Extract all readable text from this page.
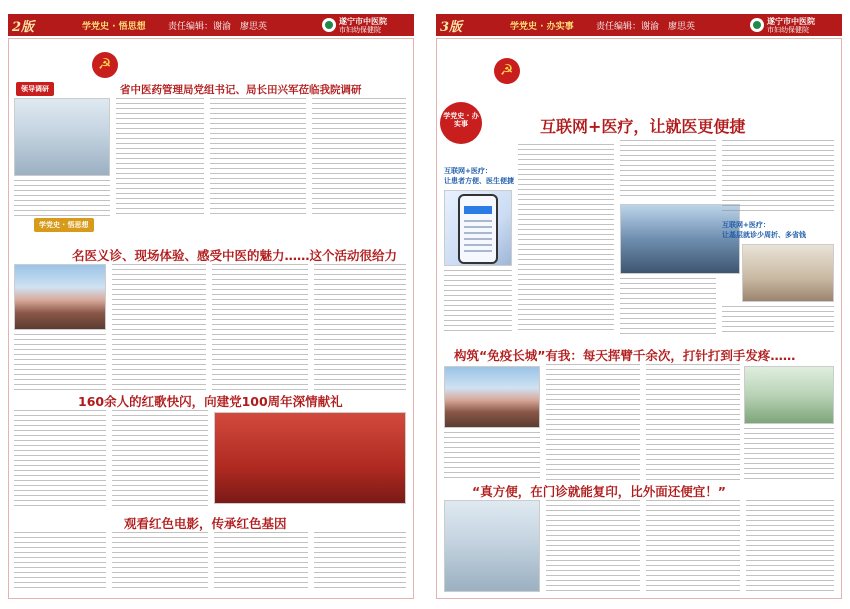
2版	学党史 · 悟思想 责任编辑：谢渝　廖思英
遂宁市中医院
市妇幼保健院
☭
领导调研	省中医药管理局党组书记、局长田兴军莅临我院调研
学党史 · 悟思想
名医义诊、现场体验、感受中医的魅力……这个活动很给力
160余人的红歌快闪，向建党100周年深情献礼
观看红色电影，传承红色基因
3版	学党史 · 办实事 责任编辑：谢渝　廖思英
遂宁市中医院
市妇幼保健院
☭
学党史 · 办实事	互联网+医疗，让就医更便捷
互联网+医疗：
让患者方便、医生便捷
互联网+医疗：
让基层就诊少周折、多省钱
构筑“免疫长城”有我：每天挥臂千余次，打针打到手发疼……
“真方便，在门诊就能复印，比外面还便宜！”
